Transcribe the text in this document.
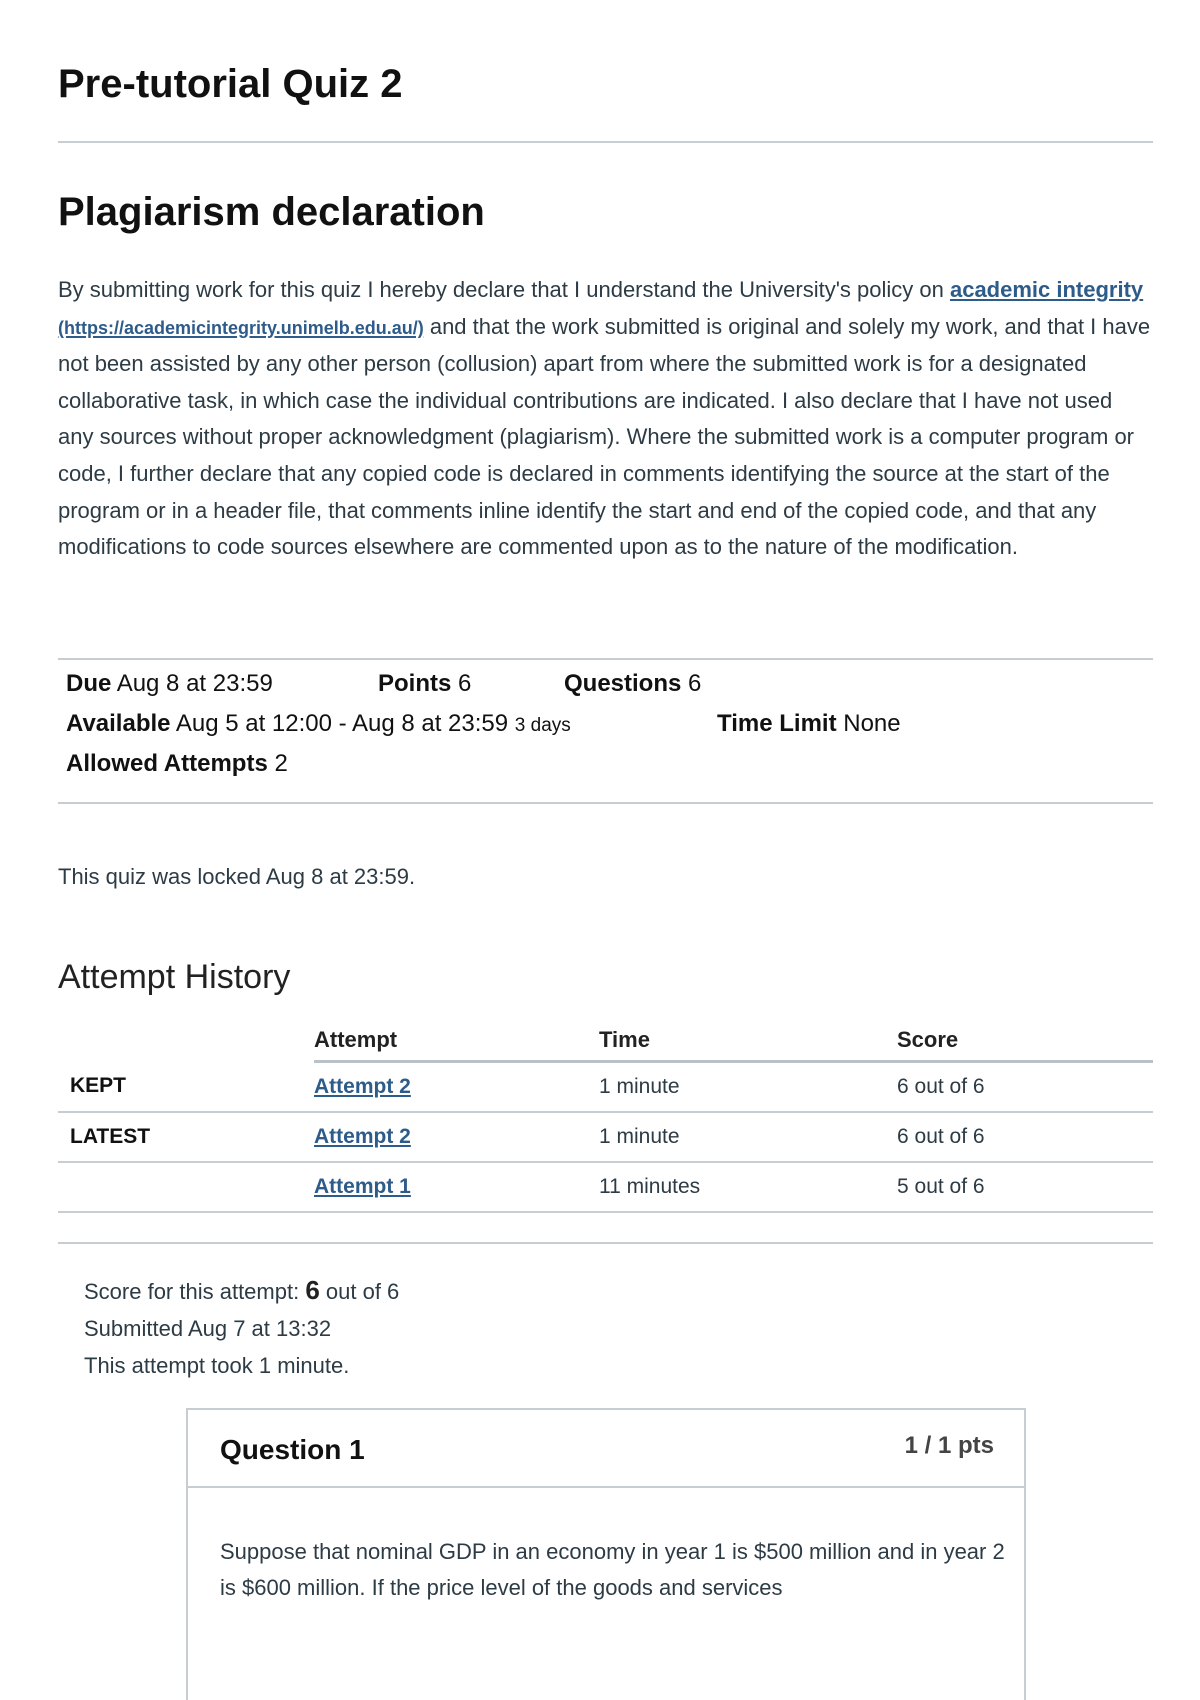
Pre-tutorial Quiz 2
Plagiarism declaration
By submitting work for this quiz I hereby declare that I understand the University's policy on academic integrity (https://academicintegrity.unimelb.edu.au/) and that the work submitted is original and solely my work, and that I have not been assisted by any other person (collusion) apart from where the submitted work is for a designated collaborative task, in which case the individual contributions are indicated. I also declare that I have not used any sources without proper acknowledgment (plagiarism). Where the submitted work is a computer program or code, I further declare that any copied code is declared in comments identifying the source at the start of the program or in a header file, that comments inline identify the start and end of the copied code, and that any modifications to code sources elsewhere are commented upon as to the nature of the modification.
Due Aug 8 at 23:59	Points 6	Questions 6
Available Aug 5 at 12:00 - Aug 8 at 23:59 3 days	Time Limit None
Allowed Attempts 2
This quiz was locked Aug 8 at 23:59.
Attempt History
	Attempt	Time	Score
KEPT	Attempt 2	1 minute	6 out of 6
LATEST	Attempt 2	1 minute	6 out of 6
	Attempt 1	11 minutes	5 out of 6
Score for this attempt: 6 out of 6
Submitted Aug 7 at 13:32
This attempt took 1 minute.
Question 1	1 / 1 pts
Suppose that nominal GDP in an economy in year 1 is $500 million and in year 2 is $600 million. If the price level of the goods and services
